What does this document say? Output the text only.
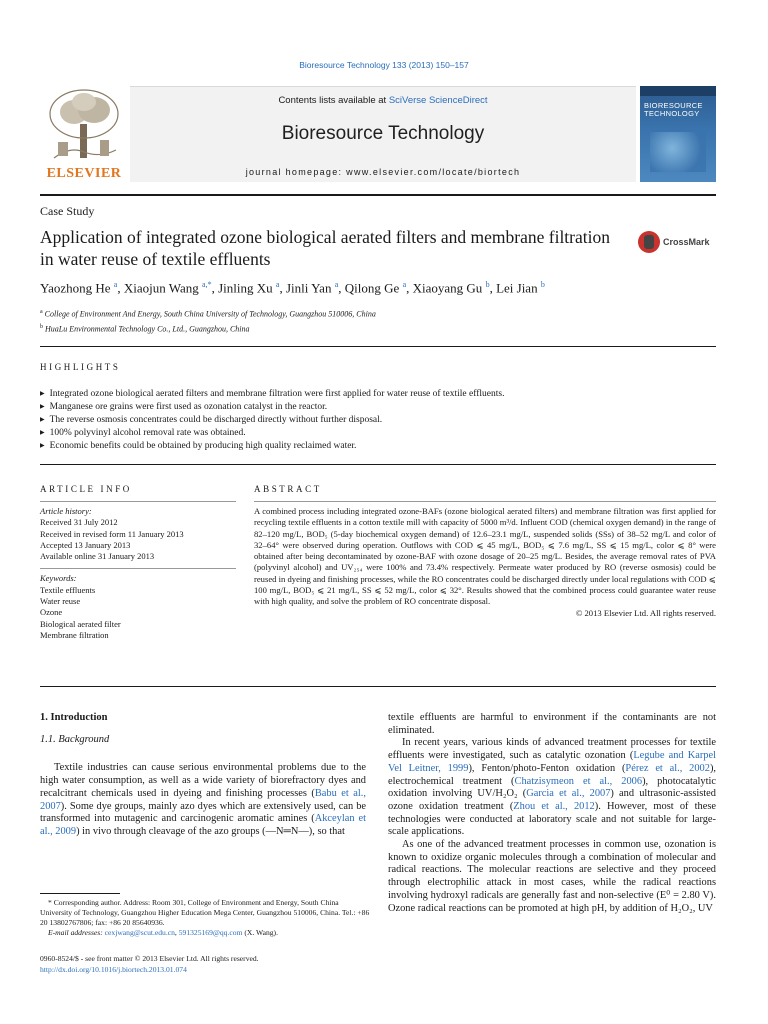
Bioresource Technology 133 (2013) 150–157
ELSEVIER
Contents lists available at SciVerse ScienceDirect
Bioresource Technology
journal homepage: www.elsevier.com/locate/biortech
BIORESOURCE TECHNOLOGY
Case Study
Application of integrated ozone biological aerated filters and membrane filtration in water reuse of textile effluents
CrossMark
Yaozhong He $^a$, Xiaojun Wang $^{a,*}$, Jinling Xu $^a$, Jinli Yan $^a$, Qilong Ge $^a$, Xiaoyang Gu $^b$, Lei Jian $^b$
$^a$ College of Environment And Energy, South China University of Technology, Guangzhou 510006, China
$^b$ HuaLu Environmental Technology Co., Ltd., Guangzhou, China
HIGHLIGHTS
▶ Integrated ozone biological aerated filters and membrane filtration were first applied for water reuse of textile effluents.
▶ Manganese ore grains were first used as ozonation catalyst in the reactor.
▶ The reverse osmosis concentrates could be discharged directly without further disposal.
▶ 100% polyvinyl alcohol removal rate was obtained.
▶ Economic benefits could be obtained by producing high quality reclaimed water.
ARTICLE INFO	ABSTRACT
Article history:
Received 31 July 2012
Received in revised form 11 January 2013
Accepted 13 January 2013
Available online 31 January 2013
Keywords:
Textile effluents
Water reuse
Ozone
Biological aerated filter
Membrane filtration
A combined process including integrated ozone-BAFs (ozone biological aerated filters) and membrane filtration was first applied for recycling textile effluents in a cotton textile mill with capacity of 5000 m³/d. Influent COD (chemical oxygen demand) in the range of 82–120 mg/L, BOD₅ (5-day biochemical oxygen demand) of 12.6–23.1 mg/L, suspended solids (SSs) of 38–52 mg/L and color of 32–64° were observed during operation. Outflows with COD ⩽ 45 mg/L, BOD₅ ⩽ 7.6 mg/L, SS ⩽ 15 mg/L, color ⩽ 8° were obtained after being decontaminated by ozone-BAF with ozone dosage of 20–25 mg/L. Besides, the average removal rates of PVA (polyvinyl alcohol) and UV₂₅₄ were 100% and 73.4% respectively. Permeate water produced by RO (reverse osmosis) could be reused in dyeing and finishing processes, while the RO concentrates could be discharged directly under local regulations with COD ⩽ 100 mg/L, BOD₅ ⩽ 21 mg/L, SS ⩽ 52 mg/L, color ⩽ 32°. Results showed that the combined process could guarantee water reuse with high quality, and solve the problem of RO concentrate disposal.
© 2013 Elsevier Ltd. All rights reserved.
1. Introduction
1.1. Background

Textile industries can cause serious environmental problems due to the high water consumption, as well as a wide variety of biorefractory dyes and recalcitrant chemicals used in dyeing and finishing processes (Babu et al., 2007). Some dye groups, mainly azo dyes which are extensively used, can be transformed into mutagenic and carcinogenic aromatic amines (Akceylan et al., 2009) in vivo through cleavage of the azo groups (—N═N—), so that

textile effluents are harmful to environment if the contaminants are not eliminated.

In recent years, various kinds of advanced treatment processes for textile effluents were investigated, such as catalytic ozonation (Legube and Karpel Vel Leitner, 1999), Fenton/photo-Fenton oxidation (Pérez et al., 2002), electrochemical treatment (Chatzisymeon et al., 2006), photocatalytic oxidation involving UV/H₂O₂ (Garcia et al., 2007) and ultrasonic-assisted ozone oxidation treatment (Zhou et al., 2012). However, most of these technologies were conducted at laboratory scale and not suitable for large-scale applications.

As one of the advanced treatment processes in common use, ozonation is known to oxidize organic molecules through a combination of molecular and radical reactions. The molecular reactions are selective and they proceed through electrophilic attack in most cases, while the radical reactions involving hydroxyl radicals are generally fast and non-selective (E⁰ = 2.80 V). Ozone radical reactions can be promoted at high pH, by addition of H₂O₂, UV

* Corresponding author. Address: Room 301, College of Environment and Energy, South China University of Technology, Guangzhou Higher Education Mega Center, Guangzhou 510006, China. Tel.: +86 20 13802767806; fax: +86 20 85640936.

E-mail addresses: cexjwang@scut.edu.cn, 591325169@qq.com (X. Wang).

0960-8524/$ - see front matter © 2013 Elsevier Ltd. All rights reserved.
http://dx.doi.org/10.1016/j.biortech.2013.01.074
